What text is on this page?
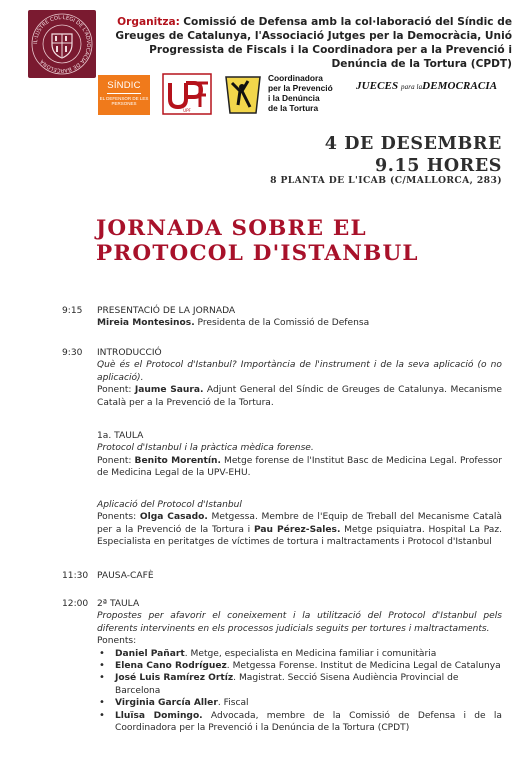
IL·LUSTRE COL·LEGI DE L'ADVOCACIA DE BARCELONA
Organitza: Comissió de Defensa amb la col·laboració del Síndic de Greuges de Catalunya, l'Associació Jutges per la Democràcia, Unió Progressista de Fiscals i la Coordinadora per a la Prevenció i Denúncia de la Tortura (CPDT)
SÍNDIC
EL DEFENSOR DE LES PERSONES
UPF
Coordinadora
per la Prevenció
i la Denúncia
de la Tortura
JUECES para laDEMOCRACIA
4 DE DESEMBRE
9.15 HORES
8 PLANTA DE L'ICAB (C/MALLORCA, 283)
JORNADA SOBRE EL
PROTOCOL D'ISTANBUL
9:15	PRESENTACIÓ DE LA JORNADA
Mireia Montesinos. Presidenta de la Comissió de Defensa
9:30	INTRODUCCIÓ
Què és el Protocol d'Istanbul? Importància de l'instrument i de la seva aplicació (o no aplicació).
Ponent: Jaume Saura. Adjunt General del Síndic de Greuges de Catalunya. Mecanisme Català per a la Prevenció de la Tortura.
1a. TAULA
Protocol d'Istanbul i la pràctica mèdica forense.
Ponent: Benito Morentín. Metge forense de l'Institut Basc de Medicina Legal. Professor de Medicina Legal de la UPV-EHU.
Aplicació del Protocol d'Istanbul
Ponents: Olga Casado. Metgessa. Membre de l'Equip de Treball del Mecanisme Català per a la Prevenció de la Tortura i Pau Pérez-Sales. Metge psiquiatra. Hospital La Paz. Especialista en peritatges de víctimes de tortura i maltractaments i Protocol d'Istanbul
11:30 PAUSA-CAFÈ
12:00 2ª TAULA
Propostes per afavorir el coneixement i la utilització del Protocol d'Istanbul pels diferents intervinents en els processos judicials seguits per tortures i maltractaments.
Ponents:
• Daniel Pañart. Metge, especialista en Medicina familiar i comunitària
• Elena Cano Rodríguez. Metgessa Forense. Institut de Medicina Legal de Catalunya
• José Luis Ramírez Ortíz. Magistrat. Secció Sisena Audiència Provincial de Barcelona
• Virginia García Aller. Fiscal
• Lluïsa Domingo. Advocada, membre de la Comissió de Defensa i de la Coordinadora per la Prevenció i la Denúncia de la Tortura (CPDT)
